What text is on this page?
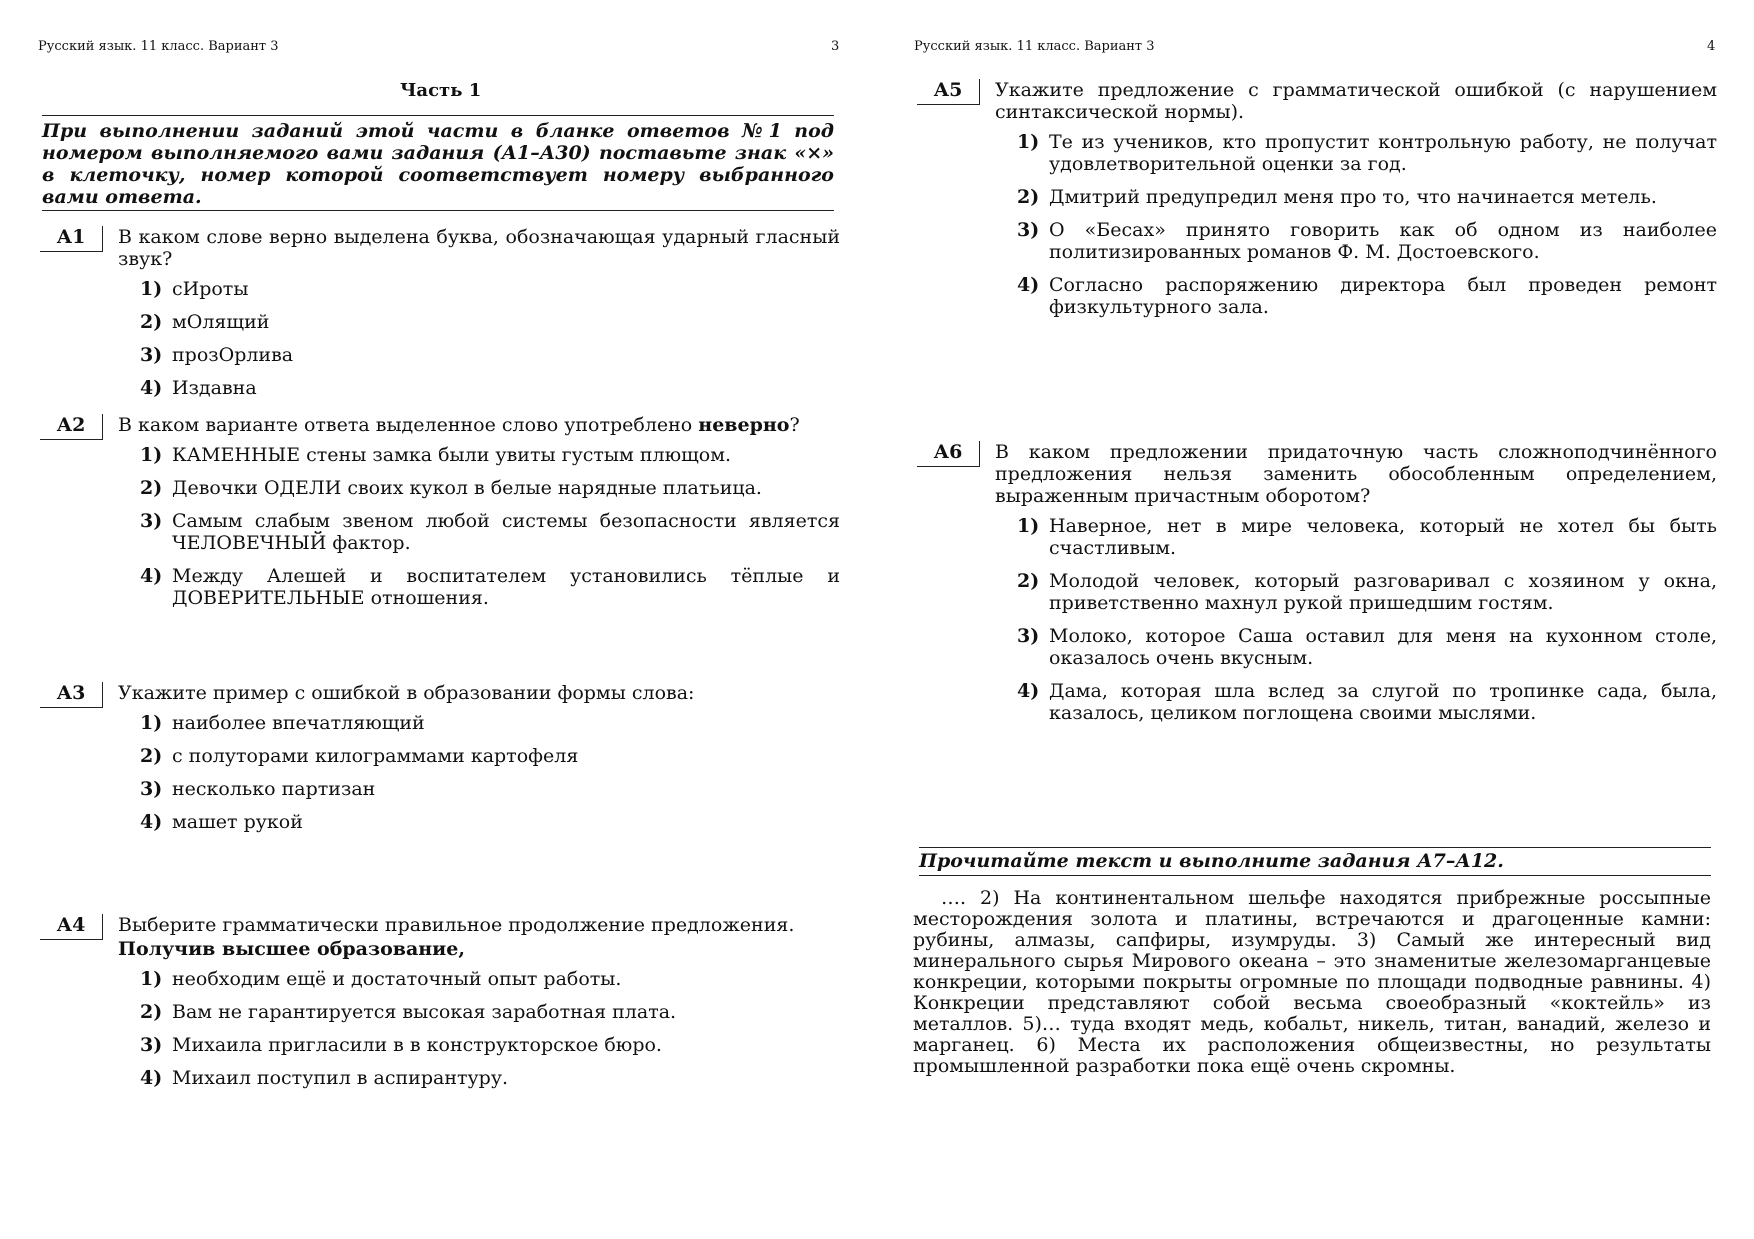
Русский язык. 11 класс. Вариант 3	3
Часть 1
При выполнении заданий этой части в бланке ответов №1 под номером выполняемого вами задания (А1–А30) поставьте знак «×» в клеточку, номер которой соответствует номеру выбранного вами ответа.
А1	В каком слове верно выделена буква, обозначающая ударный гласный звук?
1) сИроты
2) мОлящий
3) прозОрлива
4) Издавна
А2	В каком варианте ответа выделенное слово употреблено неверно?
1) КАМЕННЫЕ стены замка были увиты густым плющом.
2) Девочки ОДЕЛИ своих кукол в белые нарядные платьица.
3) Самым слабым звеном любой системы безопасности является ЧЕЛОВЕЧНЫЙ фактор.
4) Между Алешей и воспитателем установились тёплые и ДОВЕРИТЕЛЬНЫЕ отношения.
А3	Укажите пример с ошибкой в образовании формы слова:
1) наиболее впечатляющий
2) с полуторами килограммами картофеля
3) несколько партизан
4) машет рукой
А4	Выберите грамматически правильное продолжение предложения.
Получив высшее образование,
1) необходим ещё и достаточный опыт работы.
2) Вам не гарантируется высокая заработная плата.
3) Михаила пригласили в в конструкторское бюро.
4) Михаил поступил в аспирантуру.
Русский язык. 11 класс. Вариант 3	4
А5	Укажите предложение с грамматической ошибкой (с нарушением синтаксической нормы).
1) Те из учеников, кто пропустит контрольную работу, не получат удовлетворительной оценки за год.
2) Дмитрий предупредил меня про то, что начинается метель.
3) О «Бесах» принято говорить как об одном из наиболее политизированных романов Ф. М. Достоевского.
4) Согласно распоряжению директора был проведен ремонт физкультурного зала.
А6	В каком предложении придаточную часть сложноподчинённого предложения нельзя заменить обособленным определением, выраженным причастным оборотом?
1) Наверное, нет в мире человека, который не хотел бы быть счастливым.
2) Молодой человек, который разговаривал с хозяином у окна, приветственно махнул рукой пришедшим гостям.
3) Молоко, которое Саша оставил для меня на кухонном столе, оказалось очень вкусным.
4) Дама, которая шла вслед за слугой по тропинке сада, была, казалось, целиком поглощена своими мыслями.
Прочитайте текст и выполните задания А7–А12.
…. 2) На континентальном шельфе находятся прибрежные россыпные месторождения золота и платины, встречаются и драгоценные камни: рубины, алмазы, сапфиры, изумруды. 3) Самый же интересный вид минерального сырья Мирового океана – это знаменитые железомарганцевые конкреции, которыми покрыты огромные по площади подводные равнины. 4) Конкреции представляют собой весьма своеобразный «коктейль» из металлов. 5)… туда входят медь, кобальт, никель, титан, ванадий, железо и марганец. 6) Места их расположения общеизвестны, но результаты промышленной разработки пока ещё очень скромны.
